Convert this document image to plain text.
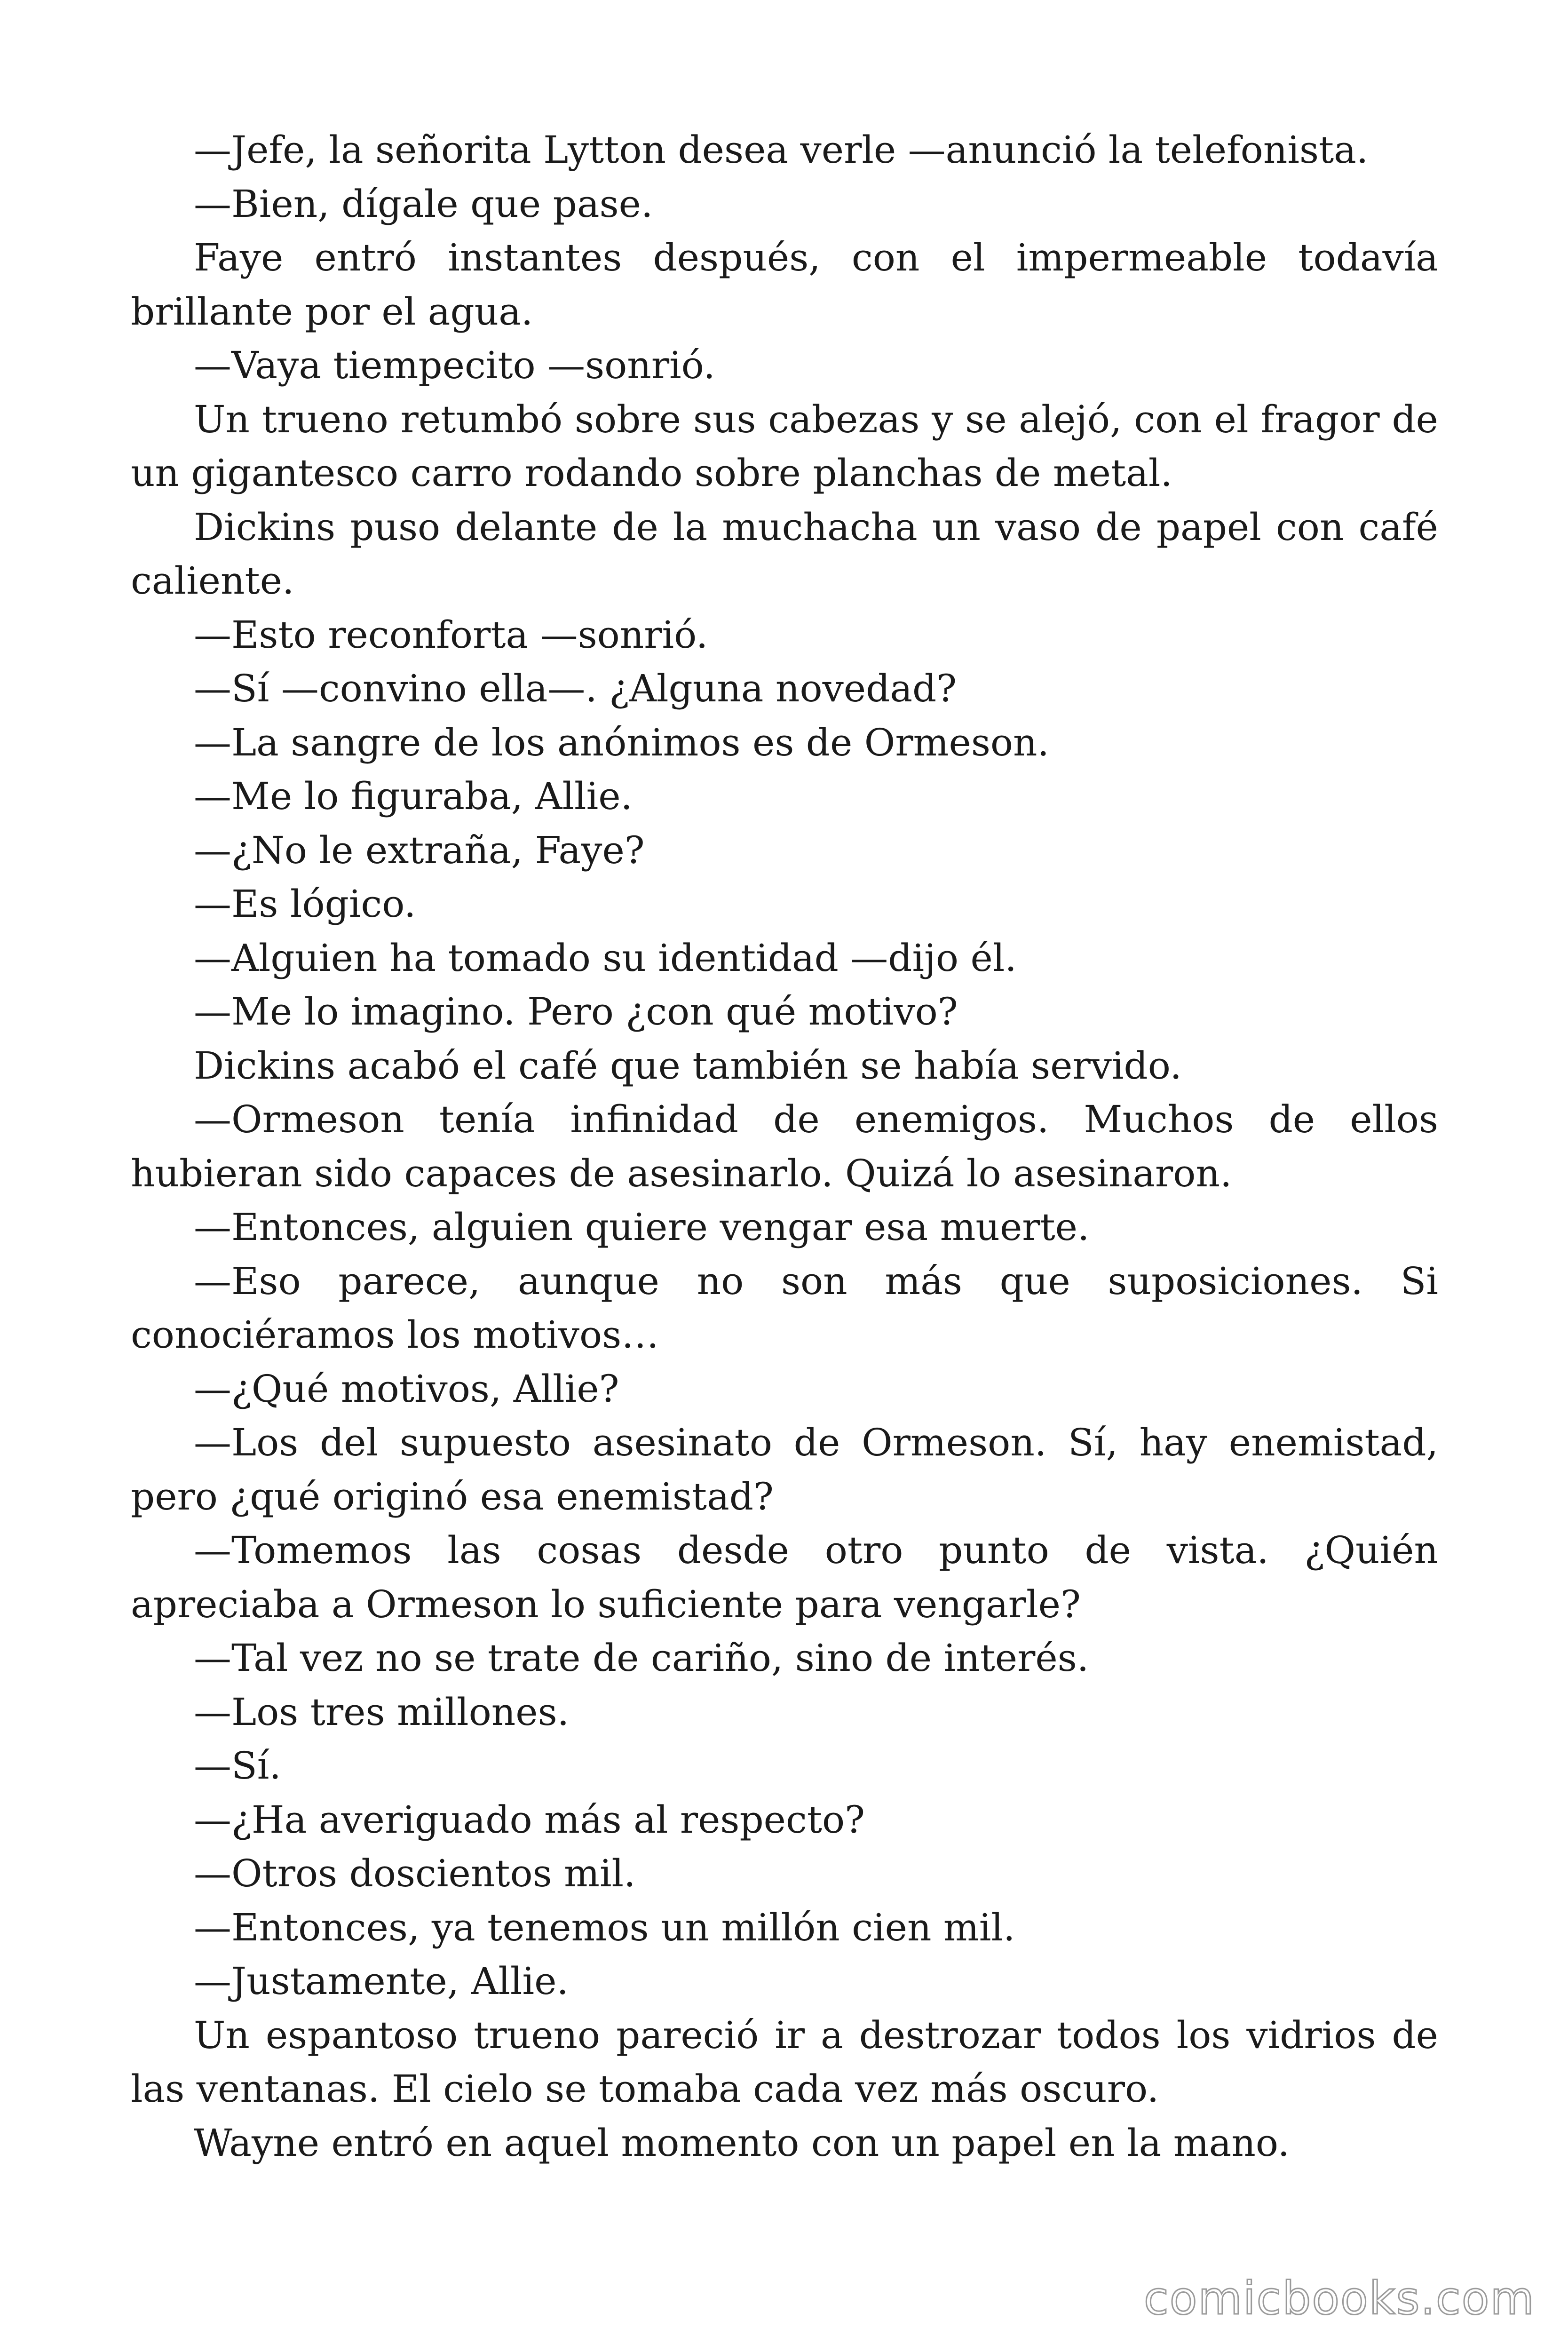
—Jefe, la señorita Lytton desea verle —anunció la telefonista.

—Bien, dígale que pase.

Faye entró instantes después, con el impermeable todavía brillante por el agua.

—Vaya tiempecito —sonrió.

Un trueno retumbó sobre sus cabezas y se alejó, con el fragor de un gigantesco carro rodando sobre planchas de metal.

Dickins puso delante de la muchacha un vaso de papel con café caliente.

—Esto reconforta —sonrió.

—Sí —convino ella—. ¿Alguna novedad?

—La sangre de los anónimos es de Ormeson.

—Me lo figuraba, Allie.

—¿No le extraña, Faye?

—Es lógico.

—Alguien ha tomado su identidad —dijo él.

—Me lo imagino. Pero ¿con qué motivo?

Dickins acabó el café que también se había servido.

—Ormeson tenía infinidad de enemigos. Muchos de ellos hubieran sido capaces de asesinarlo. Quizá lo asesinaron.

—Entonces, alguien quiere vengar esa muerte.

—Eso parece, aunque no son más que suposiciones. Si conociéramos los motivos…

—¿Qué motivos, Allie?

—Los del supuesto asesinato de Ormeson. Sí, hay enemistad, pero ¿qué originó esa enemistad?

—Tomemos las cosas desde otro punto de vista. ¿Quién apreciaba a Ormeson lo suficiente para vengarle?

—Tal vez no se trate de cariño, sino de interés.

—Los tres millones.

—Sí.

—¿Ha averiguado más al respecto?

—Otros doscientos mil.

—Entonces, ya tenemos un millón cien mil.

—Justamente, Allie.

Un espantoso trueno pareció ir a destrozar todos los vidrios de las ventanas. El cielo se tomaba cada vez más oscuro.

Wayne entró en aquel momento con un papel en la mano.

comicbooks.com
